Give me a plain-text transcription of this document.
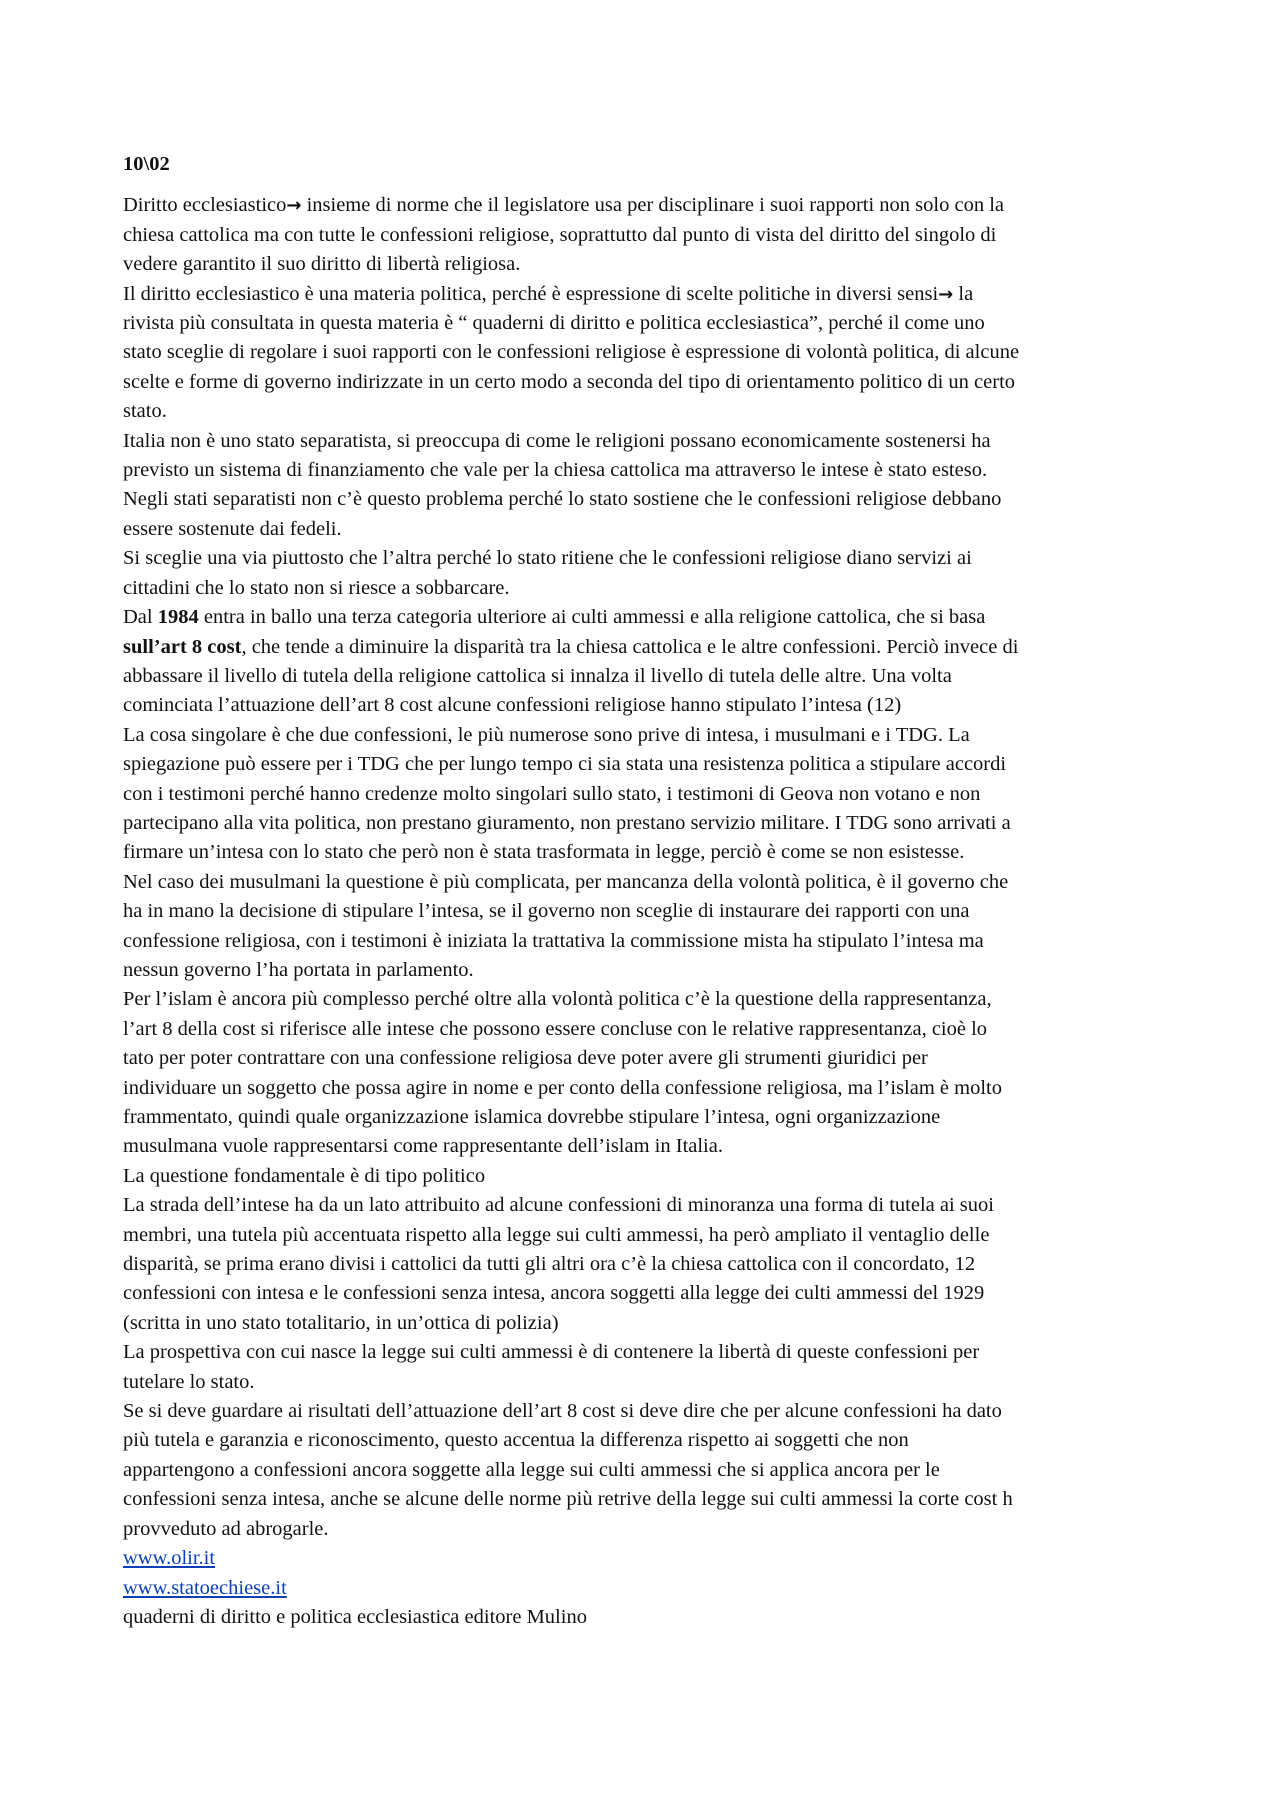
10\02
Diritto ecclesiastico→ insieme di norme che il legislatore usa per disciplinare i suoi rapporti non solo con la
chiesa cattolica ma con tutte le confessioni religiose, soprattutto dal punto di vista del diritto del singolo di
vedere garantito il suo diritto di libertà religiosa.
Il diritto ecclesiastico è una materia politica, perché è espressione di scelte politiche in diversi sensi→ la
rivista più consultata in questa materia è “ quaderni di diritto e politica ecclesiastica”, perché il come uno
stato sceglie di regolare i suoi rapporti con le confessioni religiose è espressione di volontà politica, di alcune
scelte e forme di governo indirizzate in un certo modo a seconda del tipo di orientamento politico di un certo
stato.
Italia non è uno stato separatista, si preoccupa di come le religioni possano economicamente sostenersi ha
previsto un sistema di finanziamento che vale per la chiesa cattolica ma attraverso le intese è stato esteso.
Negli stati separatisti non c’è questo problema perché lo stato sostiene che le confessioni religiose debbano
essere sostenute dai fedeli.
Si sceglie una via piuttosto che l’altra perché lo stato ritiene che le confessioni religiose diano servizi ai
cittadini che lo stato non si riesce a sobbarcare.
Dal 1984 entra in ballo una terza categoria ulteriore ai culti ammessi e alla religione cattolica, che si basa
sull’art 8 cost, che tende a diminuire la disparità tra la chiesa cattolica e le altre confessioni. Perciò invece di
abbassare il livello di tutela della religione cattolica si innalza il livello di tutela delle altre. Una volta
cominciata l’attuazione dell’art 8 cost alcune confessioni religiose hanno stipulato l’intesa (12)
La cosa singolare è che due confessioni, le più numerose sono prive di intesa, i musulmani e i TDG. La
spiegazione può essere per i TDG che per lungo tempo ci sia stata una resistenza politica a stipulare accordi
con i testimoni perché hanno credenze molto singolari sullo stato, i testimoni di Geova non votano e non
partecipano alla vita politica, non prestano giuramento, non prestano servizio militare. I TDG sono arrivati a
firmare un’intesa con lo stato che però non è stata trasformata in legge, perciò è come se non esistesse.
Nel caso dei musulmani la questione è più complicata, per mancanza della volontà politica, è il governo che
ha in mano la decisione di stipulare l’intesa, se il governo non sceglie di instaurare dei rapporti con una
confessione religiosa, con i testimoni è iniziata la trattativa la commissione mista ha stipulato l’intesa ma
nessun governo l’ha portata in parlamento.
Per l’islam è ancora più complesso perché oltre alla volontà politica c’è la questione della rappresentanza,
l’art 8 della cost si riferisce alle intese che possono essere concluse con le relative rappresentanza, cioè lo
tato per poter contrattare con una confessione religiosa deve poter avere gli strumenti giuridici per
individuare un soggetto che possa agire in nome e per conto della confessione religiosa, ma l’islam è molto
frammentato, quindi quale organizzazione islamica dovrebbe stipulare l’intesa, ogni organizzazione
musulmana vuole rappresentarsi come rappresentante dell’islam in Italia.
La questione fondamentale è di tipo politico
La strada dell’intese ha da un lato attribuito ad alcune confessioni di minoranza una forma di tutela ai suoi
membri, una tutela più accentuata rispetto alla legge sui culti ammessi, ha però ampliato il ventaglio delle
disparità, se prima erano divisi i cattolici da tutti gli altri ora c’è la chiesa cattolica con il concordato, 12
confessioni con intesa e le confessioni senza intesa, ancora soggetti alla legge dei culti ammessi del 1929
(scritta in uno stato totalitario, in un’ottica di polizia)
La prospettiva con cui nasce la legge sui culti ammessi è di contenere la libertà di queste confessioni per
tutelare lo stato.
Se si deve guardare ai risultati dell’attuazione dell’art 8 cost si deve dire che per alcune confessioni ha dato
più tutela e garanzia e riconoscimento, questo accentua la differenza rispetto ai soggetti che non
appartengono a confessioni ancora soggette alla legge sui culti ammessi che si applica ancora per le
confessioni senza intesa, anche se alcune delle norme più retrive della legge sui culti ammessi la corte cost h
provveduto ad abrogarle.
www.olir.it
www.statoechiese.it
quaderni di diritto e politica ecclesiastica editore Mulino
